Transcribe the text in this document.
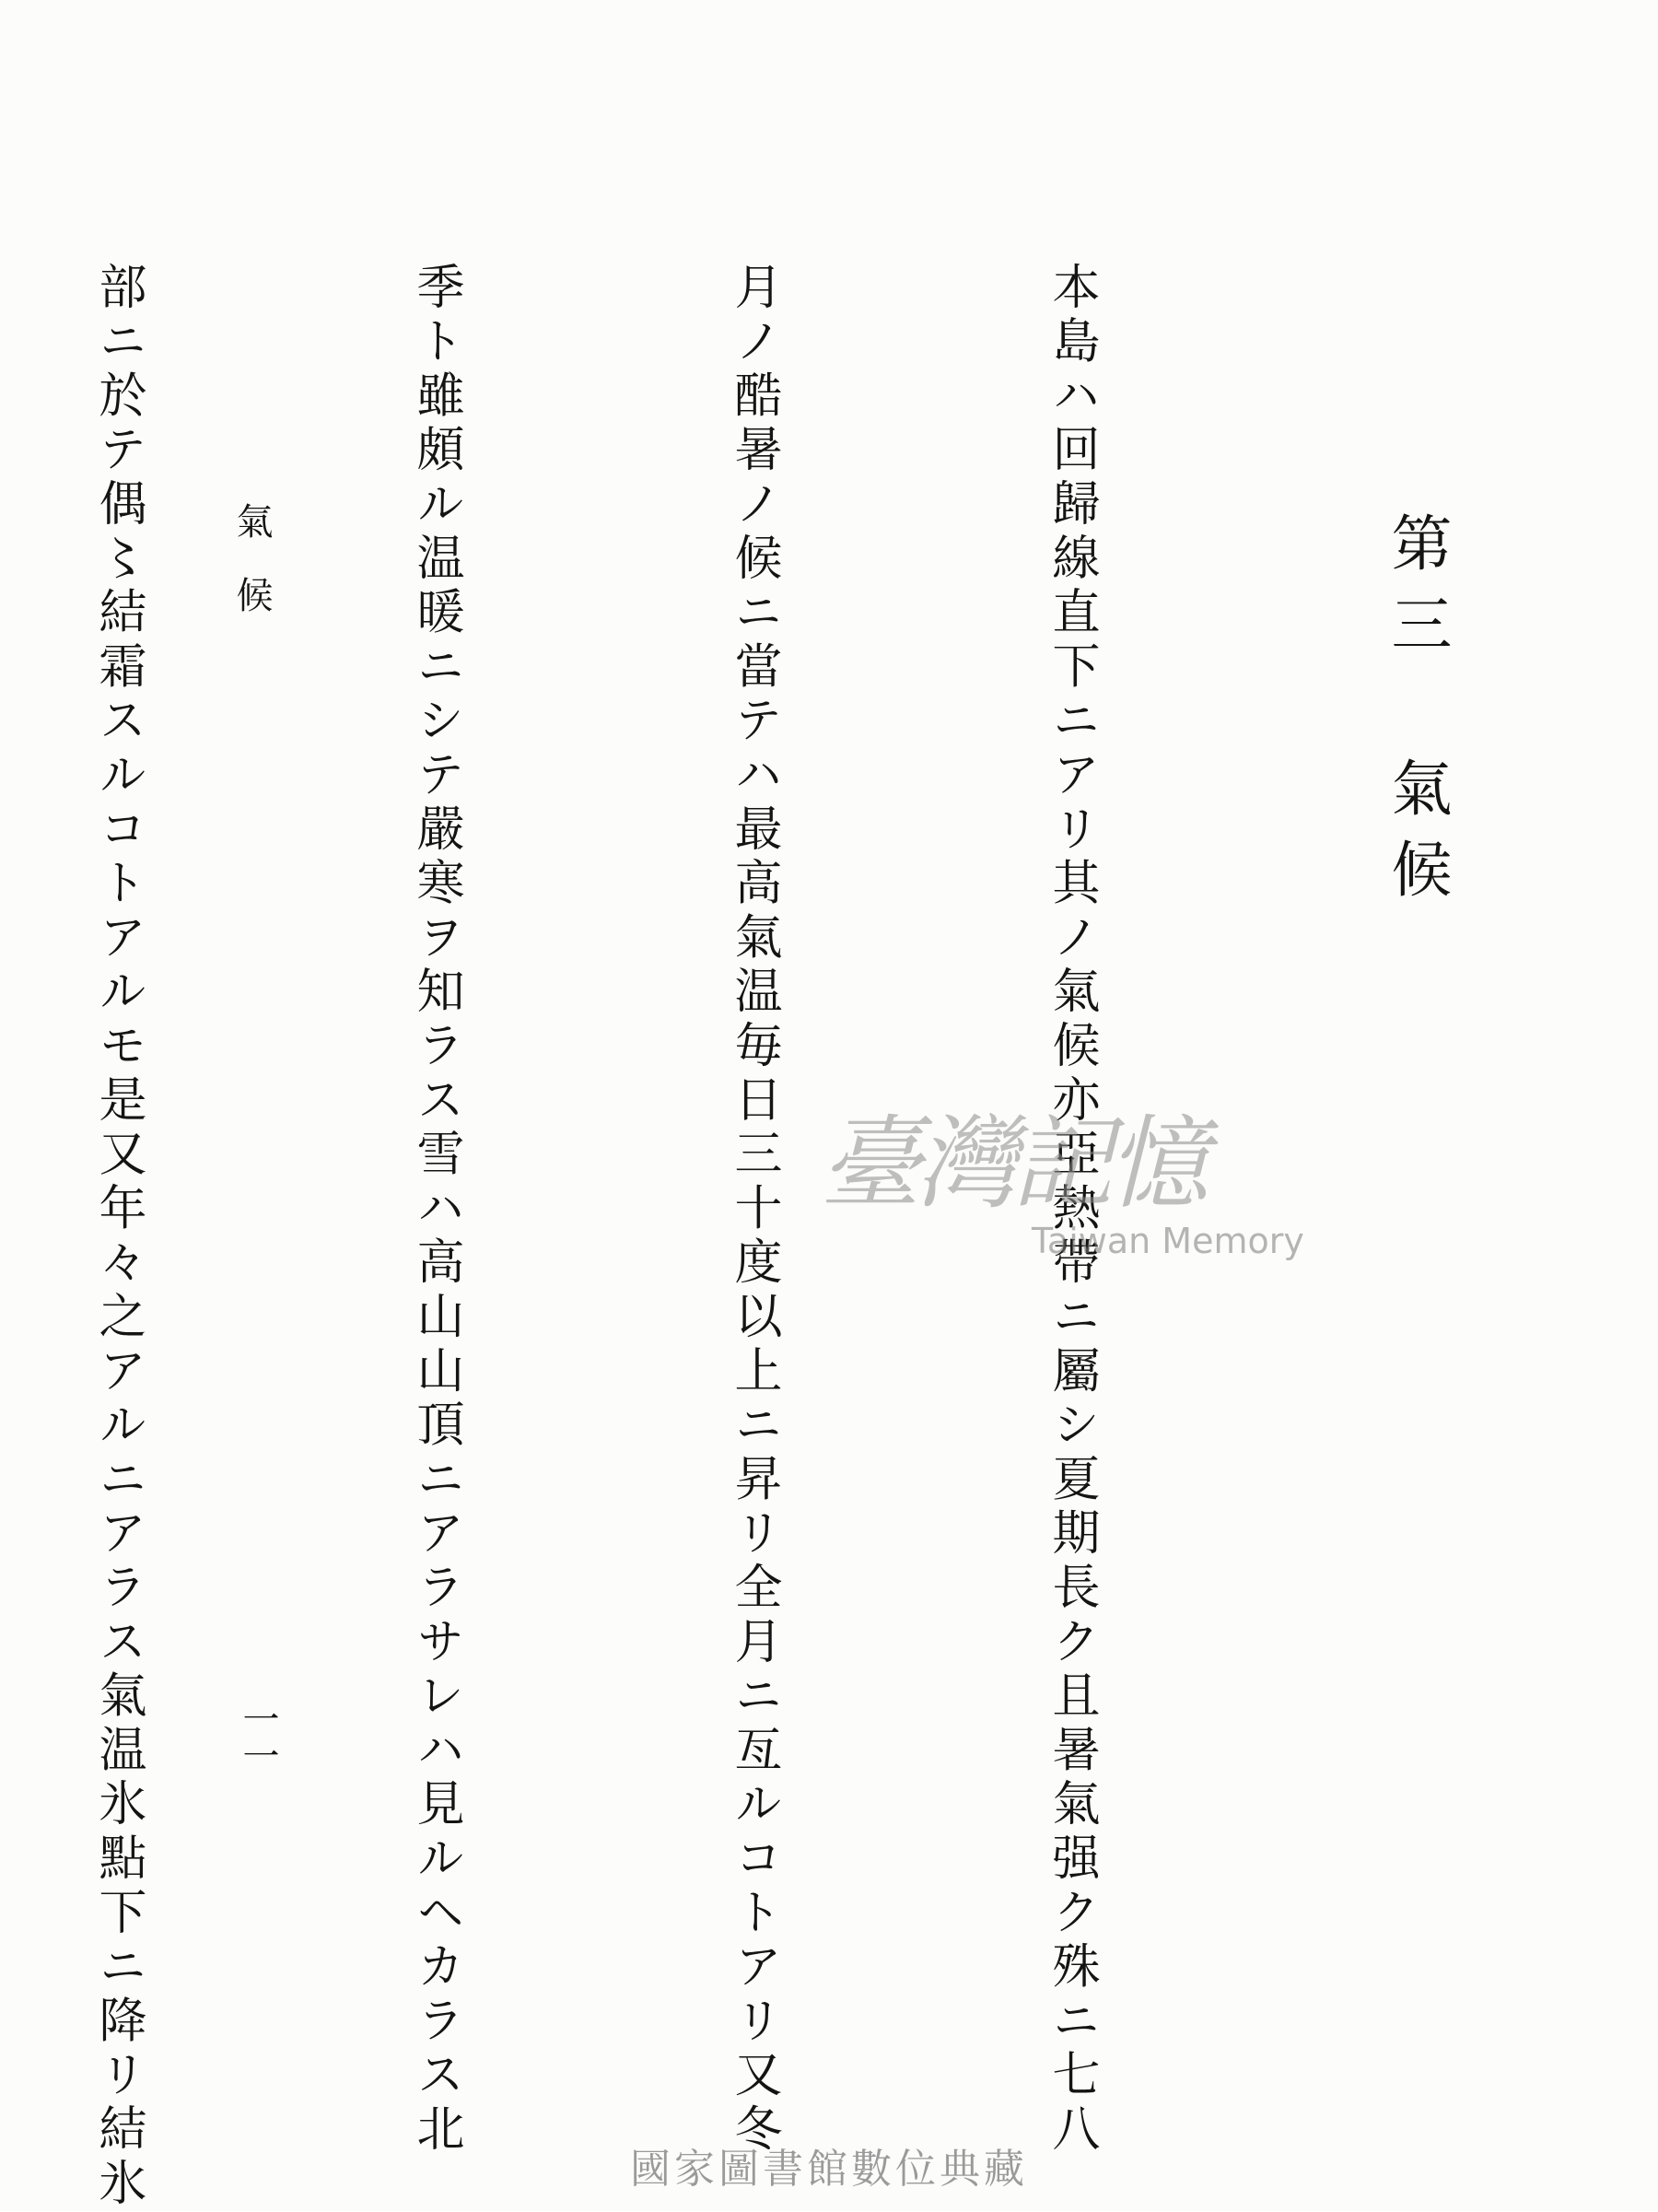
第三氣候

本島ハ回歸線直下ニアリ其ノ氣候亦亞熱帶ニ屬シ夏期長ク且暑氣强ク殊ニ七八

月ノ酷暑ノ候ニ當テハ最高氣温毎日三十度以上ニ昇リ全月ニ亙ルコトアリ又冬

季ト雖頗ル温暖ニシテ嚴寒ヲ知ラス雪ハ高山山頂ニアラサレハ見ルヘカラス北

部ニ於テ偶〻結霜スルコトアルモ是又年々之アルニアラス氣温氷點下ニ降リ結氷

	氣候
一一
臺灣記憶
Taiwan Memory
國家圖書館數位典藏
